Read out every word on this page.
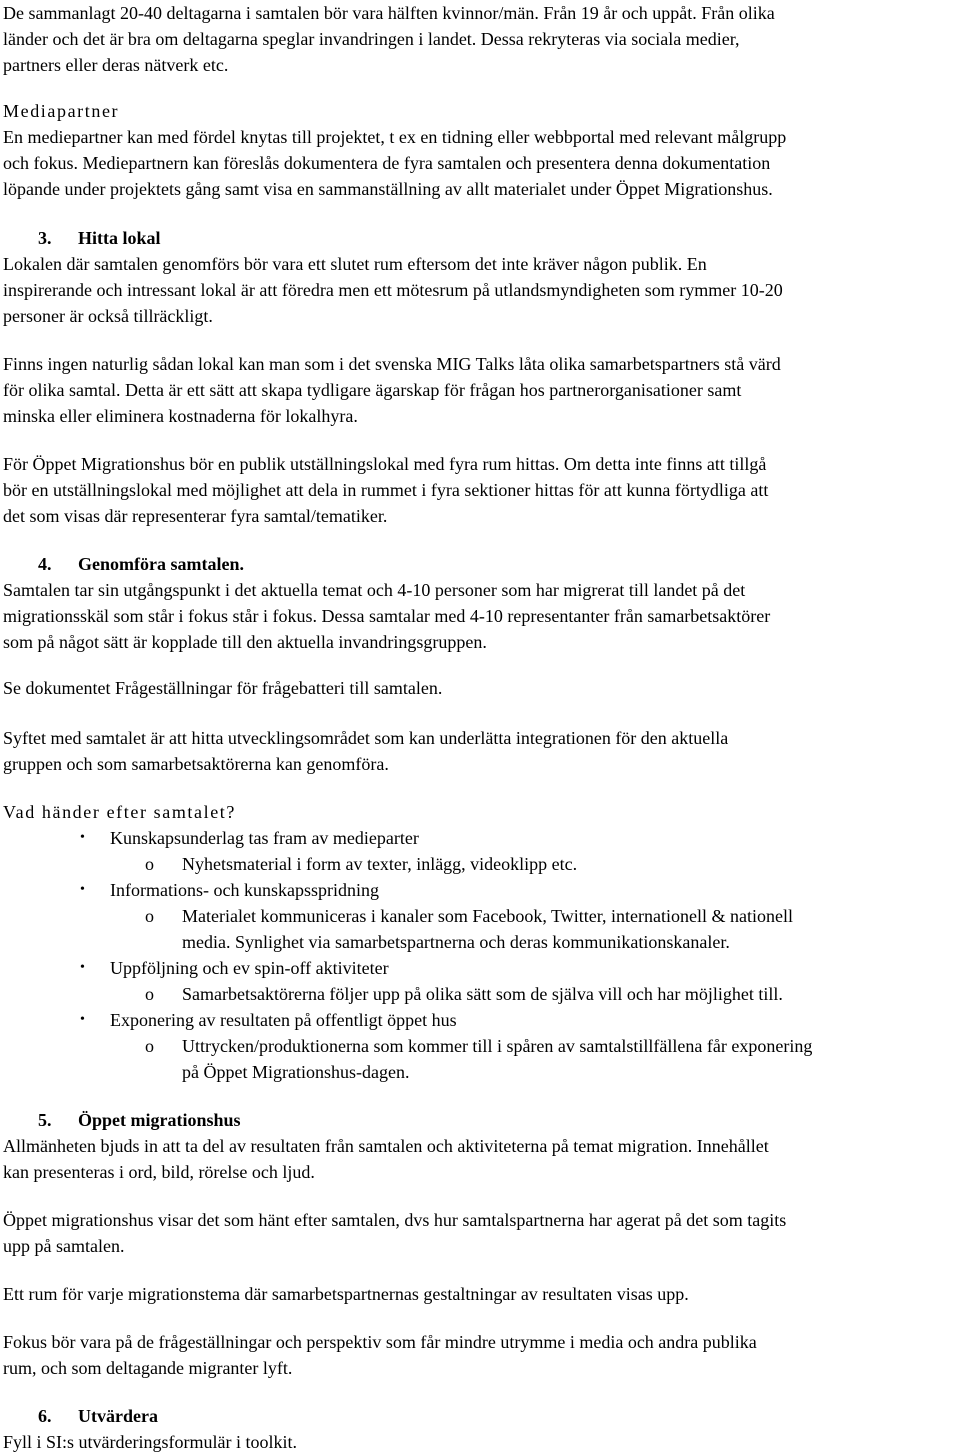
De sammanlagt 20-40 deltagarna i samtalen bör vara hälften kvinnor/män. Från 19 år och uppåt. Från olika
länder och det är bra om deltagarna speglar invandringen i landet. Dessa rekryteras via sociala medier,
partners eller deras nätverk etc.
Mediapartner
En mediepartner kan med fördel knytas till projektet, t ex en tidning eller webbportal med relevant målgrupp
och fokus. Mediepartnern kan föreslås dokumentera de fyra samtalen och presentera denna dokumentation
löpande under projektets gång samt visa en sammanställning av allt materialet under Öppet Migrationshus.
3. Hitta lokal
Lokalen där samtalen genomförs bör vara ett slutet rum eftersom det inte kräver någon publik. En
inspirerande och intressant lokal är att föredra men ett mötesrum på utlandsmyndigheten som rymmer 10-20
personer är också tillräckligt.
Finns ingen naturlig sådan lokal kan man som i det svenska MIG Talks låta olika samarbetspartners stå värd
för olika samtal. Detta är ett sätt att skapa tydligare ägarskap för frågan hos partnerorganisationer samt
minska eller eliminera kostnaderna för lokalhyra.
För Öppet Migrationshus bör en publik utställningslokal med fyra rum hittas. Om detta inte finns att tillgå
bör en utställningslokal med möjlighet att dela in rummet i fyra sektioner hittas för att kunna förtydliga att
det som visas där representerar fyra samtal/tematiker.
4. Genomföra samtalen.
Samtalen tar sin utgångspunkt i det aktuella temat och 4-10 personer som har migrerat till landet på det
migrationsskäl som står i fokus står i fokus. Dessa samtalar med 4-10 representanter från samarbetsaktörer
som på något sätt är kopplade till den aktuella invandringsgruppen.
Se dokumentet Frågeställningar för frågebatteri till samtalen.
Syftet med samtalet är att hitta utvecklingsområdet som kan underlätta integrationen för den aktuella
gruppen och som samarbetsaktörerna kan genomföra.
Vad händer efter samtalet?
• Kunskapsunderlag tas fram av medieparter
o Nyhetsmaterial i form av texter, inlägg, videoklipp etc.
• Informations- och kunskapsspridning
o Materialet kommuniceras i kanaler som Facebook, Twitter, internationell & nationell
media. Synlighet via samarbetspartnerna och deras kommunikationskanaler.
• Uppföljning och ev spin-off aktiviteter
o Samarbetsaktörerna följer upp på olika sätt som de själva vill och har möjlighet till.
• Exponering av resultaten på offentligt öppet hus
o Uttrycken/produktionerna som kommer till i spåren av samtalstillfällena får exponering
på Öppet Migrationshus-dagen.
5. Öppet migrationshus
Allmänheten bjuds in att ta del av resultaten från samtalen och aktiviteterna på temat migration. Innehållet
kan presenteras i ord, bild, rörelse och ljud.
Öppet migrationshus visar det som hänt efter samtalen, dvs hur samtalspartnerna har agerat på det som tagits
upp på samtalen.
Ett rum för varje migrationstema där samarbetspartnernas gestaltningar av resultaten visas upp.
Fokus bör vara på de frågeställningar och perspektiv som får mindre utrymme i media och andra publika
rum, och som deltagande migranter lyft.
6. Utvärdera
Fyll i SI:s utvärderingsformulär i toolkit.
